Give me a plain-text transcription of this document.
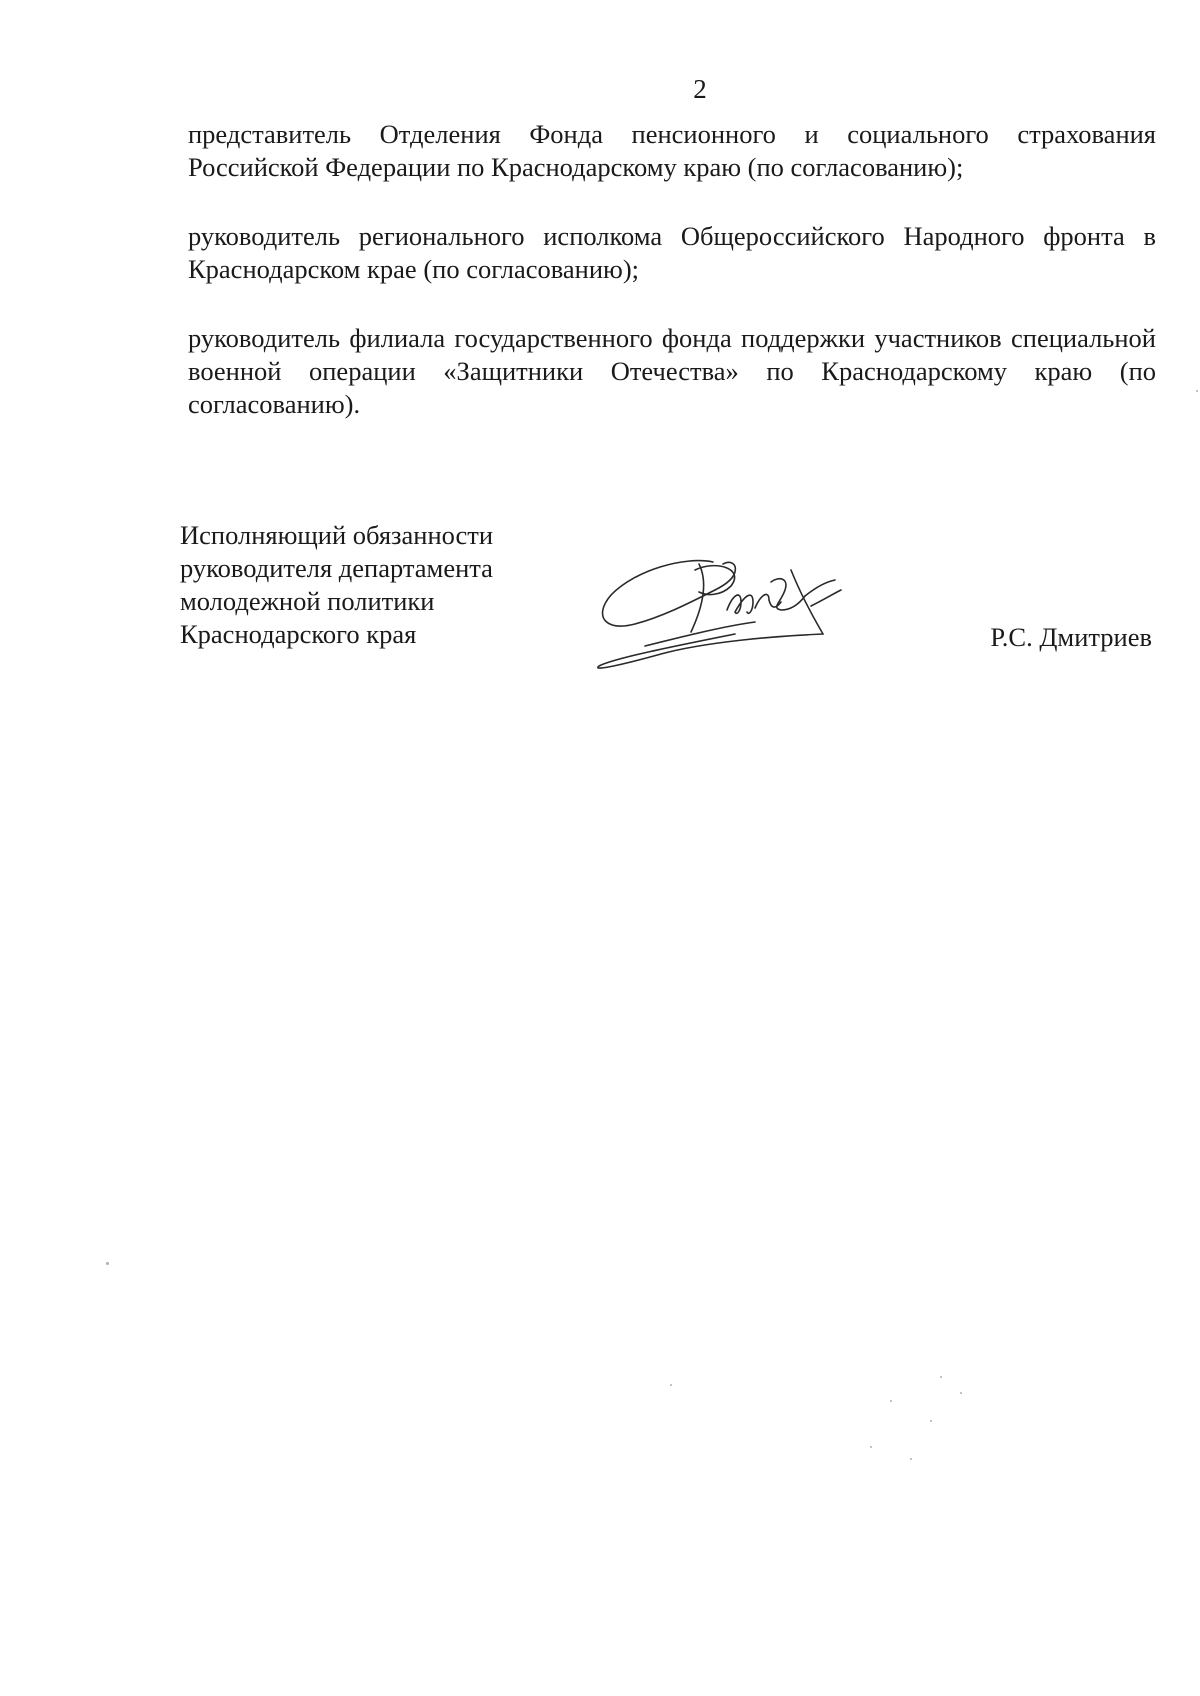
2

представитель Отделения Фонда пенсионного и социального страхования Российской Федерации по Краснодарскому краю (по согласованию);

руководитель регионального исполкома Общероссийского Народного фронта в Краснодарском крае (по согласованию);

руководитель филиала государственного фонда поддержки участников специальной военной операции «Защитники Отечества» по Краснодарскому краю (по согласованию).

Исполняющий обязанности
руководителя департамента
молодежной политики
Краснодарского края	Р.С. Дмитриев
